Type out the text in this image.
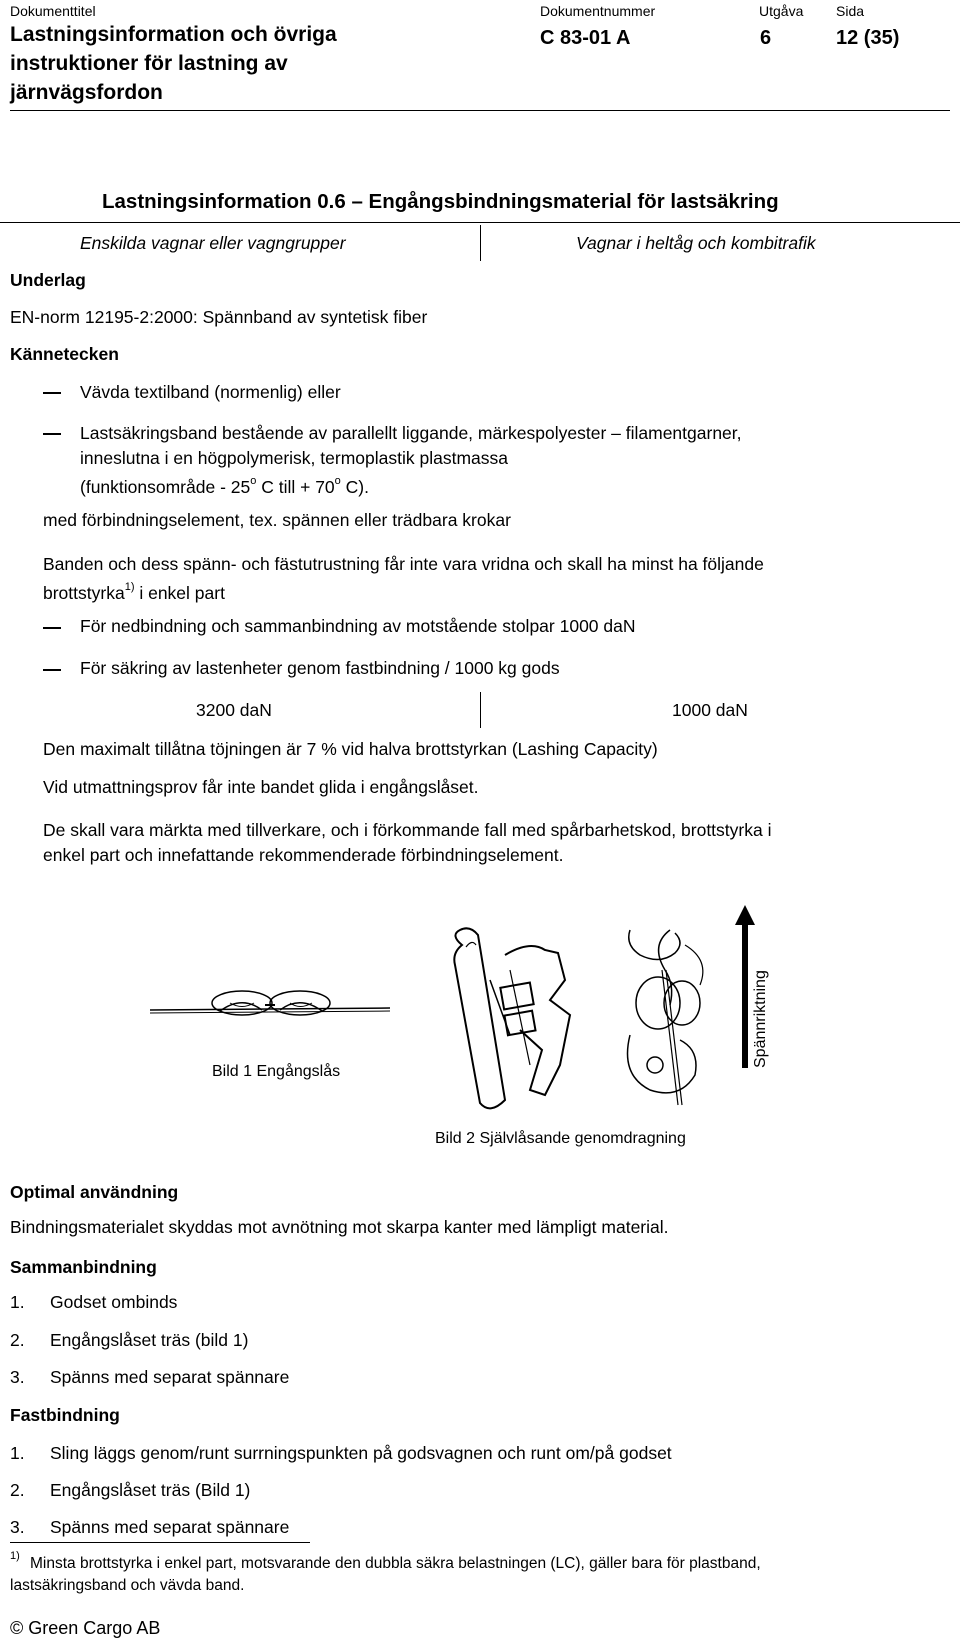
Dokumenttitel	Dokumentnummer	Utgåva Sida
Lastningsinformation och övriga
instruktioner för lastning av
järnvägsfordon
C 83-01 A	6	12 (35)
Lastningsinformation 0.6 – Engångsbindningsmaterial för lastsäkring
Enskilda vagnar eller vagngrupper	Vagnar i heltåg och kombitrafik
Underlag
EN-norm 12195-2:2000: Spännband av syntetisk fiber
Kännetecken
Vävda textilband (normenlig) eller
Lastsäkringsband bestående av parallellt liggande, märkespolyester – filamentgarner,
inneslutna i en högpolymerisk, termoplastik plastmassa
(funktionsområde - 25$^o$ C till + $70^o$ C).
med förbindningselement, tex. spännen eller trädbara krokar
Banden och dess spänn- och fästutrustning får inte vara vridna och skall ha minst ha följande
brottstyrka$^{1)}$ i enkel part
För nedbindning och sammanbindning av motstående stolpar 1000 daN
För säkring av lastenheter genom fastbindning / 1000 kg gods
3200 daN	1000 daN
Den maximalt tillåtna töjningen är 7 % vid halva brottstyrkan (Lashing Capacity)
Vid utmattningsprov får inte bandet glida i engångslåset.
De skall vara märkta med tillverkare, och i förkommande fall med spårbarhetskod, brottstyrka i
enkel part och innefattande rekommenderade förbindningselement.
Bild 1 Engångslås
Spännriktning
Bild 2 Självlåsande genomdragning
Optimal användning
Bindningsmaterialet skyddas mot avnötning mot skarpa kanter med lämpligt material.
Sammanbindning
1. Godset ombinds
2. Engångslåset träs (bild 1)
3. Spänns med separat spännare
Fastbindning
1. Sling läggs genom/runt surrningspunkten på godsvagnen och runt om/på godset
2. Engångslåset träs (Bild 1)
3. Spänns med separat spännare
1) Minsta brottstyrka i enkel part, motsvarande den dubbla säkra belastningen (LC), gäller bara för plastband,
lastsäkringsband och vävda band.
© Green Cargo AB
